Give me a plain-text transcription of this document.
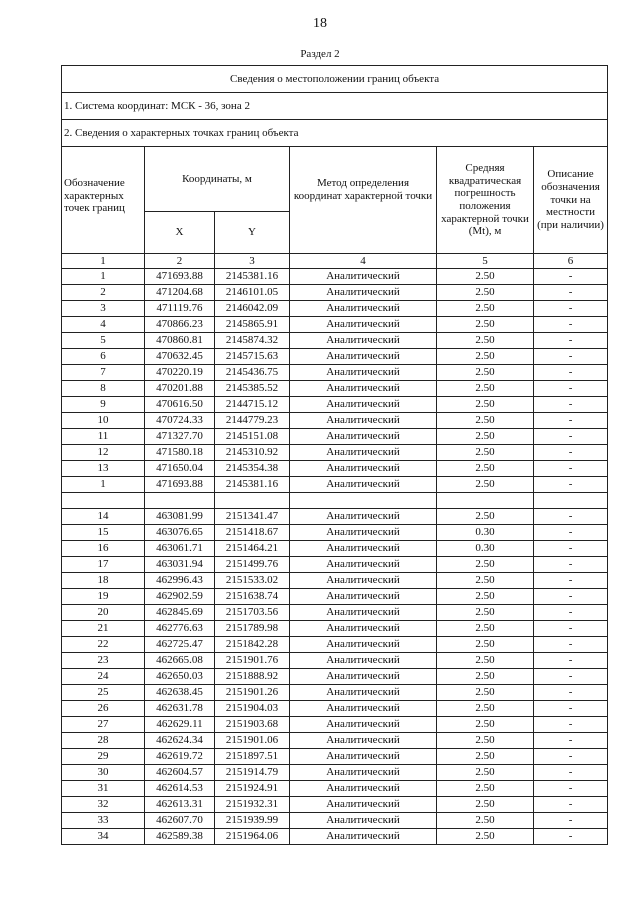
18
Раздел 2
Сведения о местоположении границ объекта					
1. Система координат: МСК - 36, зона 2					
2. Сведения о характерных точках границ объекта					
Обозначение характерных точек границ	Координаты, м		Метод определения координат характерной точки	Средняя квадратическая погрешность положения характерной точки (Mt), м	Описание обозначения точки на местности (при наличии)
	X	Y			
1	2	3	4	5	6
1	471693.88	2145381.16	Аналитический	2.50	-
2	471204.68	2146101.05	Аналитический	2.50	-
3	471119.76	2146042.09	Аналитический	2.50	-
4	470866.23	2145865.91	Аналитический	2.50	-
5	470860.81	2145874.32	Аналитический	2.50	-
6	470632.45	2145715.63	Аналитический	2.50	-
7	470220.19	2145436.75	Аналитический	2.50	-
8	470201.88	2145385.52	Аналитический	2.50	-
9	470616.50	2144715.12	Аналитический	2.50	-
10	470724.33	2144779.23	Аналитический	2.50	-
11	471327.70	2145151.08	Аналитический	2.50	-
12	471580.18	2145310.92	Аналитический	2.50	-
13	471650.04	2145354.38	Аналитический	2.50	-
1	471693.88	2145381.16	Аналитический	2.50	-

14	463081.99	2151341.47	Аналитический	2.50	-
15	463076.65	2151418.67	Аналитический	0.30	-
16	463061.71	2151464.21	Аналитический	0.30	-
17	463031.94	2151499.76	Аналитический	2.50	-
18	462996.43	2151533.02	Аналитический	2.50	-
19	462902.59	2151638.74	Аналитический	2.50	-
20	462845.69	2151703.56	Аналитический	2.50	-
21	462776.63	2151789.98	Аналитический	2.50	-
22	462725.47	2151842.28	Аналитический	2.50	-
23	462665.08	2151901.76	Аналитический	2.50	-
24	462650.03	2151888.92	Аналитический	2.50	-
25	462638.45	2151901.26	Аналитический	2.50	-
26	462631.78	2151904.03	Аналитический	2.50	-
27	462629.11	2151903.68	Аналитический	2.50	-
28	462624.34	2151901.06	Аналитический	2.50	-
29	462619.72	2151897.51	Аналитический	2.50	-
30	462604.57	2151914.79	Аналитический	2.50	-
31	462614.53	2151924.91	Аналитический	2.50	-
32	462613.31	2151932.31	Аналитический	2.50	-
33	462607.70	2151939.99	Аналитический	2.50	-
34	462589.38	2151964.06	Аналитический	2.50	-
